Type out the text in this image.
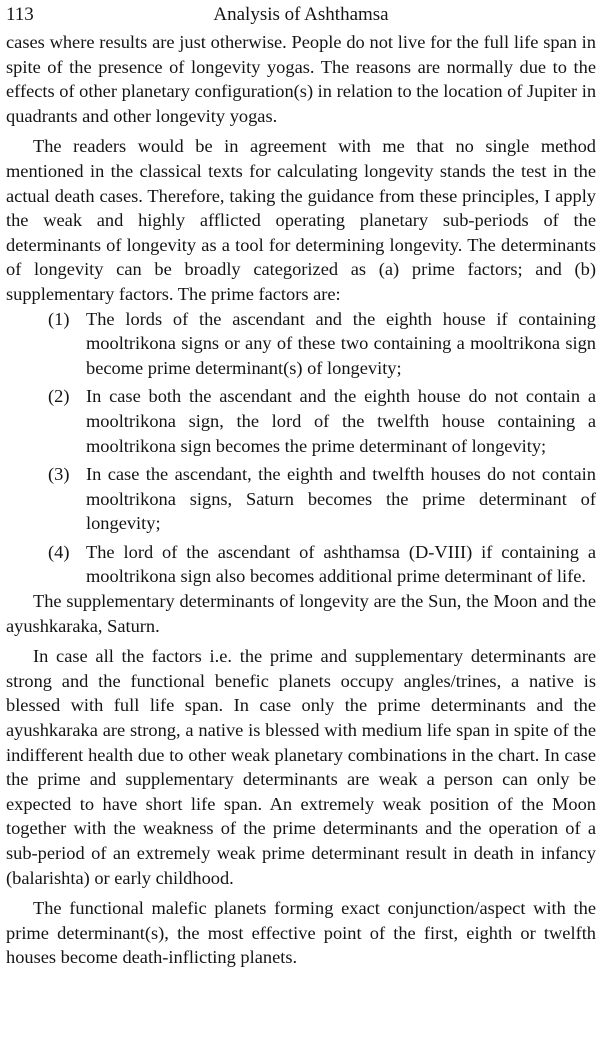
113	Analysis of Ashthamsa

cases where results are just otherwise. People do not live for the full life span in spite of the presence of longevity yogas. The reasons are normally due to the effects of other planetary configuration(s) in relation to the location of Jupiter in quadrants and other longevity yogas.

The readers would be in agreement with me that no single method mentioned in the classical texts for calculating longevity stands the test in the actual death cases. Therefore, taking the guidance from these principles, I apply the weak and highly afflicted operating planetary sub-periods of the determinants of longevity as a tool for determining longevity. The determinants of longevity can be broadly categorized as (a) prime factors; and (b) supplementary factors. The prime factors are:

(1) The lords of the ascendant and the eighth house if containing mooltrikona signs or any of these two containing a mooltrikona sign become prime determinant(s) of longevity;
(2) In case both the ascendant and the eighth house do not contain a mooltrikona sign, the lord of the twelfth house containing a mooltrikona sign becomes the prime determinant of longevity;
(3) In case the ascendant, the eighth and twelfth houses do not contain mooltrikona signs, Saturn becomes the prime determinant of longevity;
(4) The lord of the ascendant of ashthamsa (D-VIII) if containing a mooltrikona sign also becomes additional prime determinant of life.

The supplementary determinants of longevity are the Sun, the Moon and the ayushkaraka, Saturn.

In case all the factors i.e. the prime and supplementary determinants are strong and the functional benefic planets occupy angles/trines, a native is blessed with full life span. In case only the prime determinants and the ayushkaraka are strong, a native is blessed with medium life span in spite of the indifferent health due to other weak planetary combinations in the chart. In case the prime and supplementary determinants are weak a person can only be expected to have short life span. An extremely weak position of the Moon together with the weakness of the prime determinants and the operation of a sub-period of an extremely weak prime determinant result in death in infancy (balarishta) or early childhood.

The functional malefic planets forming exact conjunction/aspect with the prime determinant(s), the most effective point of the first, eighth or twelfth houses become death-inflicting planets.
